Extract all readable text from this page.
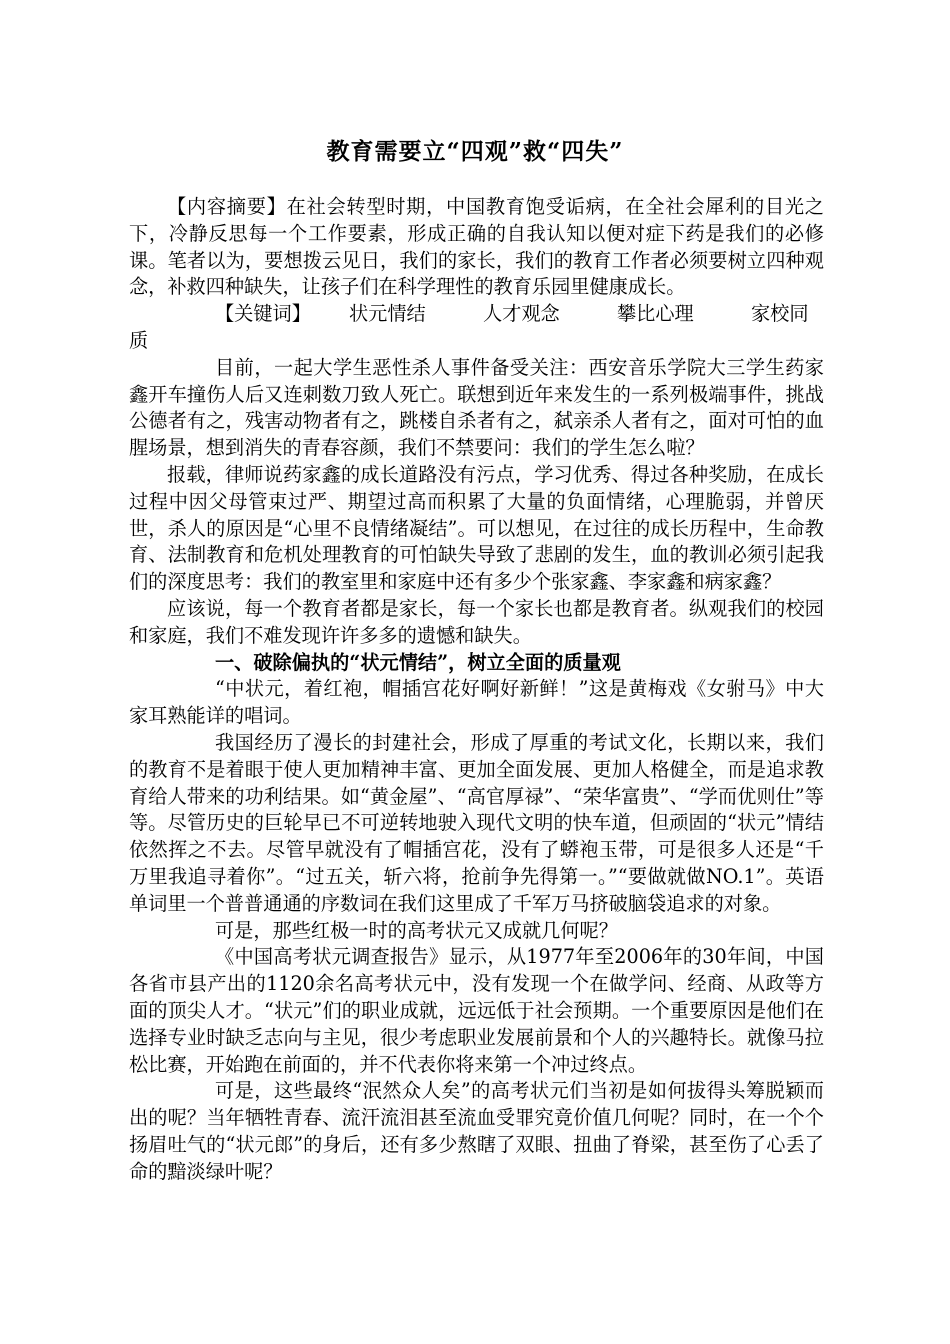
教育需要立“四观”救“四失”

【内容摘要】在社会转型时期，中国教育饱受诟病，在全社会犀利的目光之下，冷静反思每一个工作要素，形成正确的自我认知以便对症下药是我们的必修课。笔者以为，要想拨云见日，我们的家长，我们的教育工作者必须要树立四种观念，补救四种缺失，让孩子们在科学理性的教育乐园里健康成长。

【关键词】 状元情结	人才观念	攀比心理	家校同

质

目前，一起大学生恶性杀人事件备受关注：西安音乐学院大三学生药家鑫开车撞伤人后又连刺数刀致人死亡。联想到近年来发生的一系列极端事件，挑战公德者有之，残害动物者有之，跳楼自杀者有之，弑亲杀人者有之，面对可怕的血腥场景，想到消失的青春容颜，我们不禁要问：我们的学生怎么啦？

报载，律师说药家鑫的成长道路没有污点，学习优秀、得过各种奖励，在成长过程中因父母管束过严、期望过高而积累了大量的负面情绪，心理脆弱，并曾厌世，杀人的原因是“心里不良情绪凝结”。可以想见，在过往的成长历程中，生命教育、法制教育和危机处理教育的可怕缺失导致了悲剧的发生，血的教训必须引起我们的深度思考：我们的教室里和家庭中还有多少个张家鑫、李家鑫和病家鑫？

应该说，每一个教育者都是家长，每一个家长也都是教育者。纵观我们的校园和家庭，我们不难发现许许多多的遗憾和缺失。

一、破除偏执的“状元情结”，树立全面的质量观

“中状元，着红袍，帽插宫花好啊好新鲜！”这是黄梅戏《女驸马》中大家耳熟能详的唱词。

我国经历了漫长的封建社会，形成了厚重的考试文化，长期以来，我们的教育不是着眼于使人更加精神丰富、更加全面发展、更加人格健全，而是追求教育给人带来的功利结果。如“黄金屋”、“高官厚禄”、“荣华富贵”、“学而优则仕”等等。尽管历史的巨轮早已不可逆转地驶入现代文明的快车道，但顽固的“状元”情结依然挥之不去。尽管早就没有了帽插宫花，没有了蟒袍玉带，可是很多人还是“千万里我追寻着你”。“过五关，斩六将，抢前争先得第一。”“要做就做NO.1”。英语单词里一个普普通通的序数词在我们这里成了千军万马挤破脑袋追求的对象。

可是，那些红极一时的高考状元又成就几何呢？

《中国高考状元调查报告》显示，从1977年至2006年的30年间，中国各省市县产出的1120余名高考状元中，没有发现一个在做学问、经商、从政等方面的顶尖人才。“状元”们的职业成就，远远低于社会预期。一个重要原因是他们在选择专业时缺乏志向与主见，很少考虑职业发展前景和个人的兴趣特长。就像马拉松比赛，开始跑在前面的，并不代表你将来第一个冲过终点。

可是，这些最终“泯然众人矣”的高考状元们当初是如何拔得头筹脱颖而出的呢？当年牺牲青春、流汗流泪甚至流血受罪究竟价值几何呢？同时，在一个个扬眉吐气的“状元郎”的身后，还有多少熬瞎了双眼、扭曲了脊梁，甚至伤了心丢了命的黯淡绿叶呢？
